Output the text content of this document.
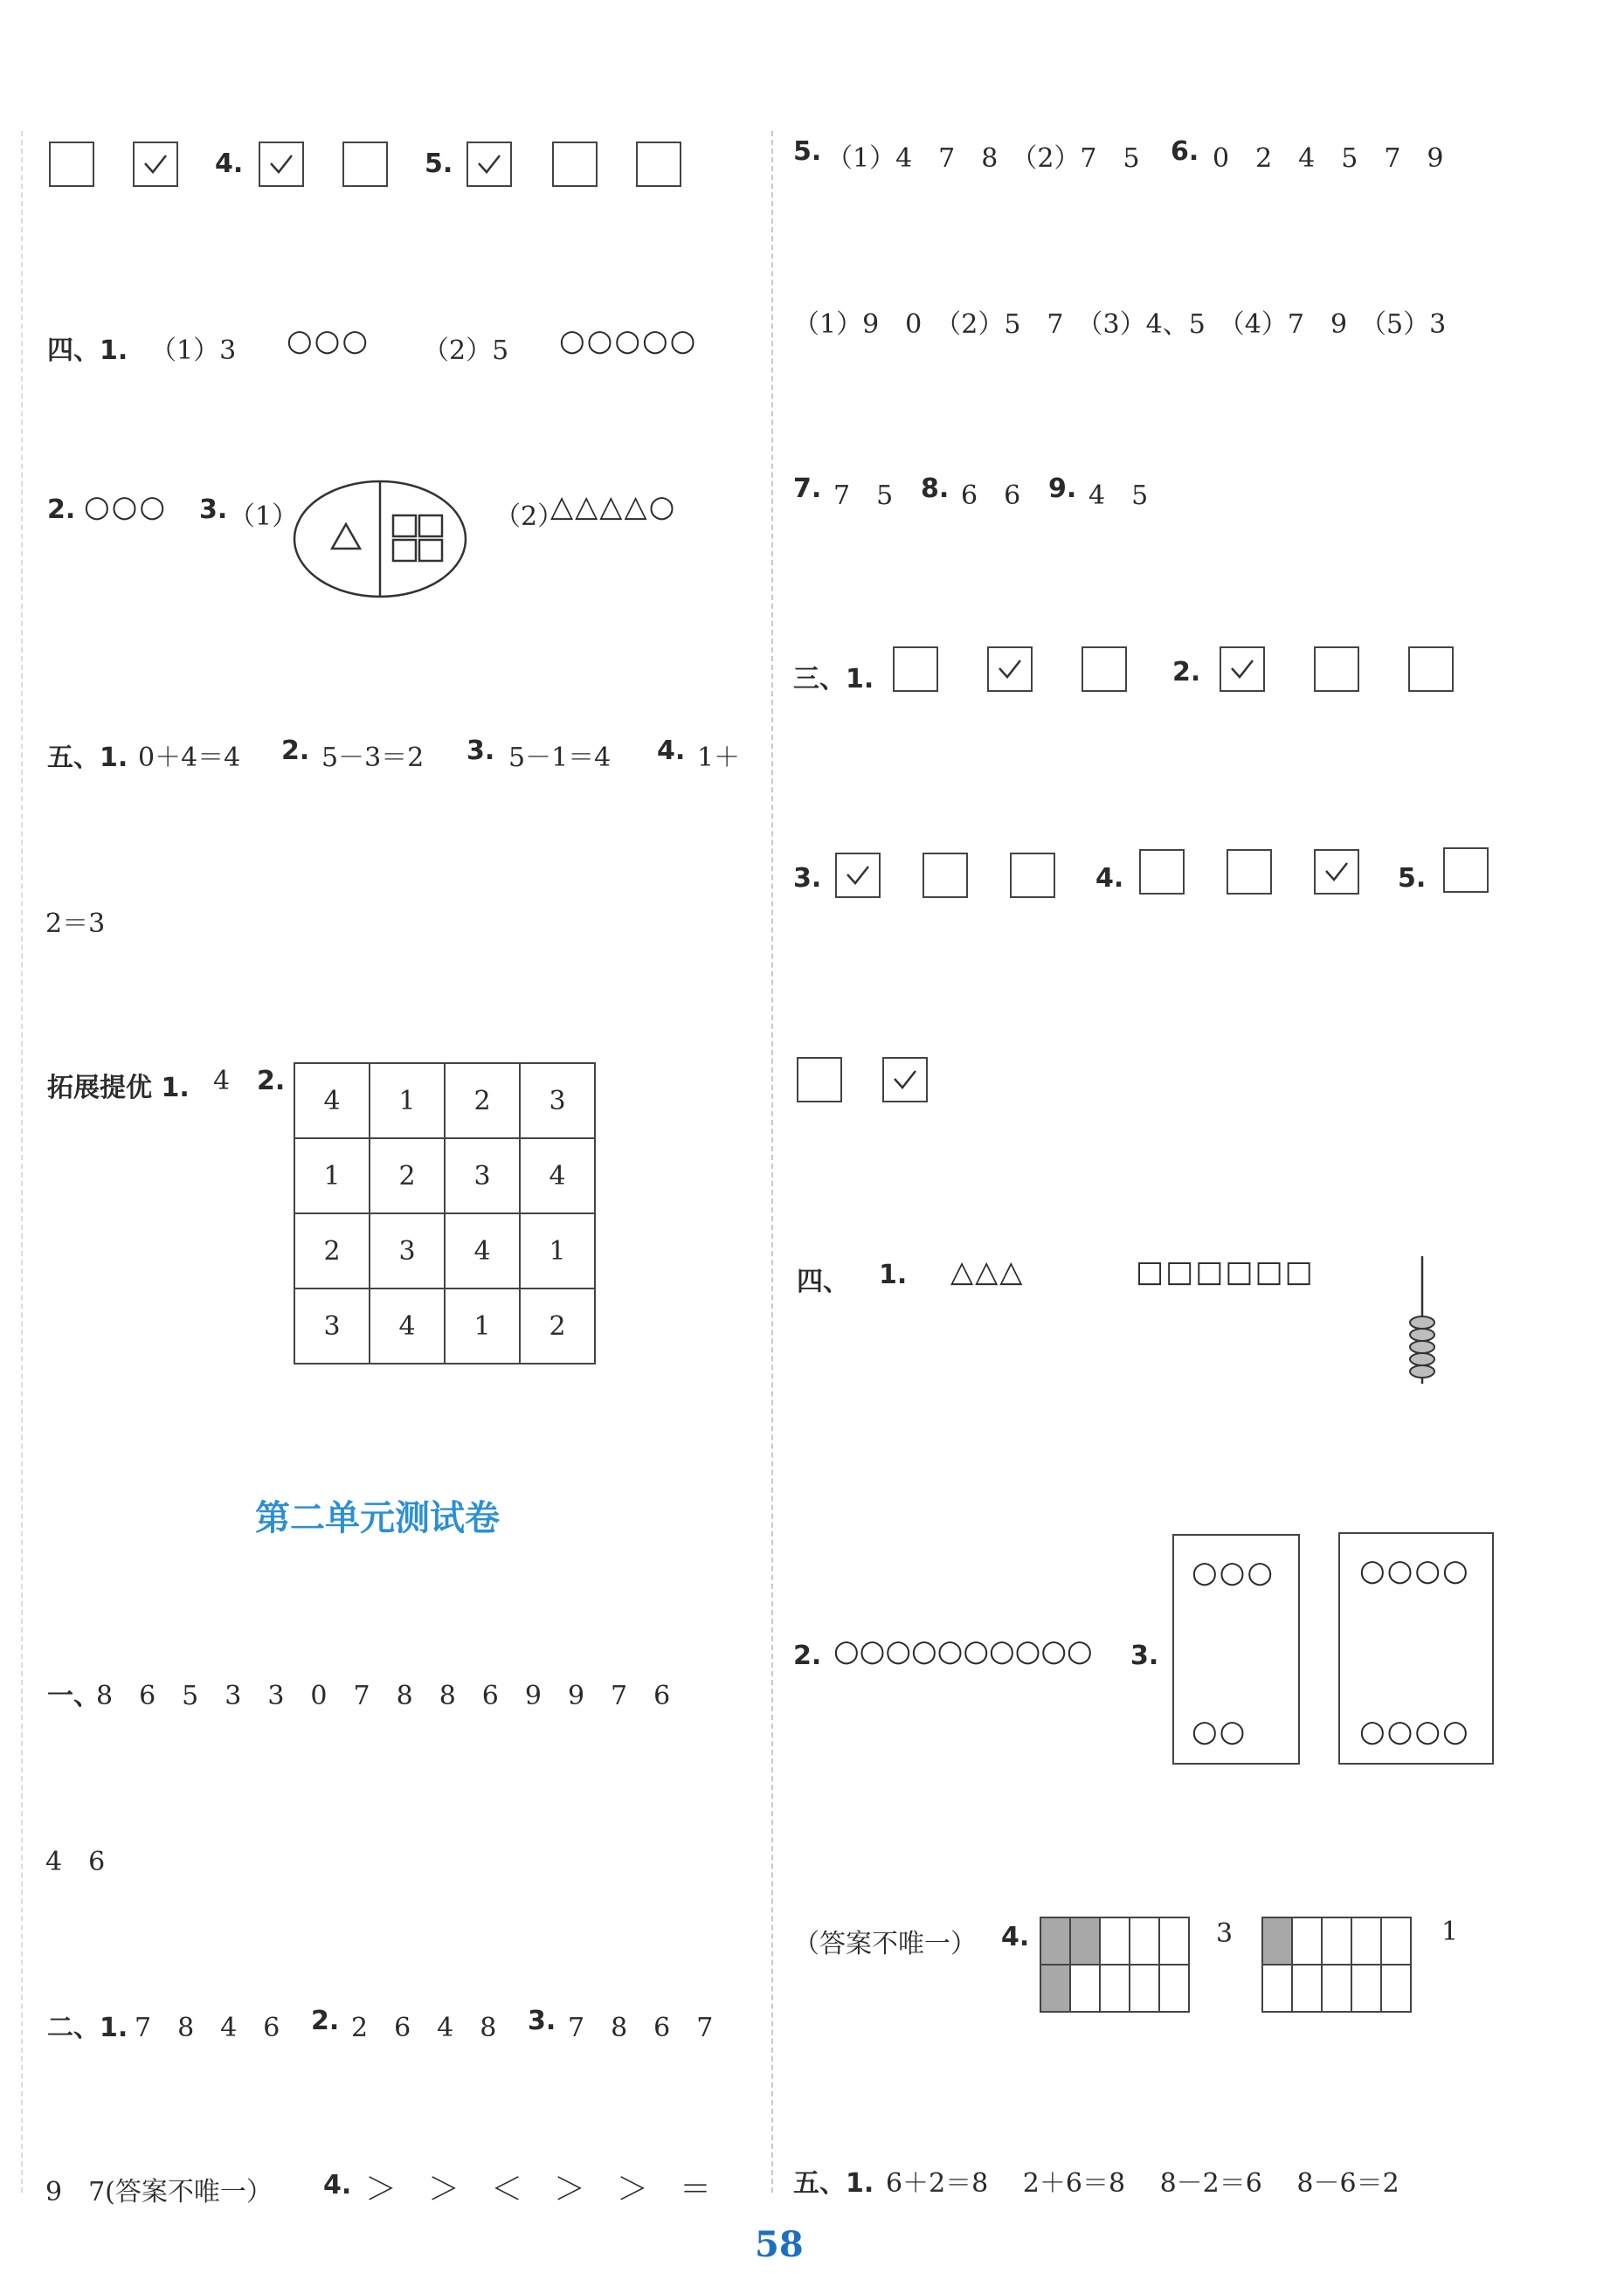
4.	5.
四、1. （1）3 ○○○ （2）5 ○○○○○
2. ○○○ 3. （1）	（2）
△△△△○
五、1. 0＋4＝4 2. 5－3＝2 3. 5－1＝4 4. 1＋
2＝3
拓展提优 1. 4 2.
4	1	2	3
1	2	3	4
2	3	4	1
3	4	1	2
第二单元测试卷
一、
8　6　5　3　3　0　7　8　8　6　9　9　7　6
4　6
二、1. 7　8　4　6 2. 2　6　4　8 3. 7　8　6　7
9　7(答案不唯一） 4. ＞　＞　＜　＞　＞　＝
5. （1）4　7　8　（2）7　5 6. 0　2　4　5　7　9
（1）9　0　（2）5　7　（3）4、5　（4）7　9　（5）3
7. 7　5 8. 6　6 9. 4　5
三、1.	2.
3.	4.	5.
四、 1. △△△	□□□□□□
2. ○○○○○○○○○○ 3.
○○○
○○
○○○○
○○○○
（答案不唯一） 4.

					3

					1
五、1. 6＋2＝8　 2＋6＝8　 8－2＝6　 8－6＝2
58
